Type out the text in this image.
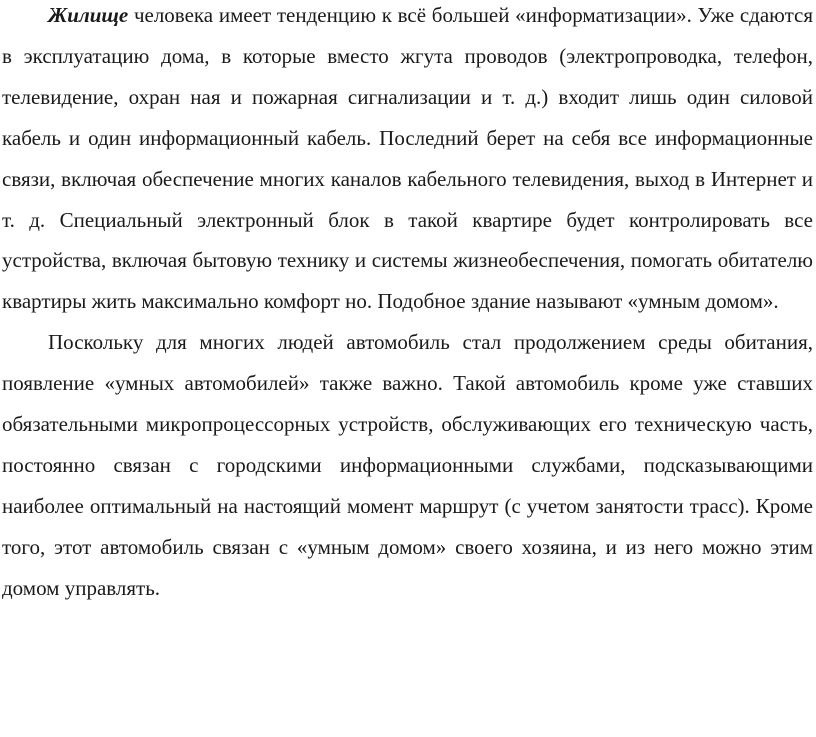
Жилище человека имеет тенденцию к всё большей «информатизации». Уже сдаются в эксплуатацию дома, в которые вместо жгута проводов (электропроводка, телефон, телевидение, охран ная и пожарная сигнализации и т. д.) входит лишь один силовой кабель и один информационный кабель. Последний берет на себя все информационные связи, включая обеспечение многих каналов кабельного телевидения, выход в Интернет и т. д. Специальный электронный блок в такой квартире будет контролировать все устройства, включая бытовую технику и системы жизнеобеспечения, помогать обитателю квартиры жить максимально комфорт но. Подобное здание называют «умным домом».

Поскольку для многих людей автомобиль стал продолжением среды обитания, появление «умных автомобилей» также важно. Такой автомобиль кроме уже ставших обязательными микропроцессорных устройств, обслуживающих его техническую часть, постоянно связан с городскими информационными службами, подсказывающими наиболее оптимальный на настоящий момент маршрут (с учетом занятости трасс). Кроме того, этот автомобиль связан с «умным домом» своего хозяина, и из него можно этим домом управлять.
